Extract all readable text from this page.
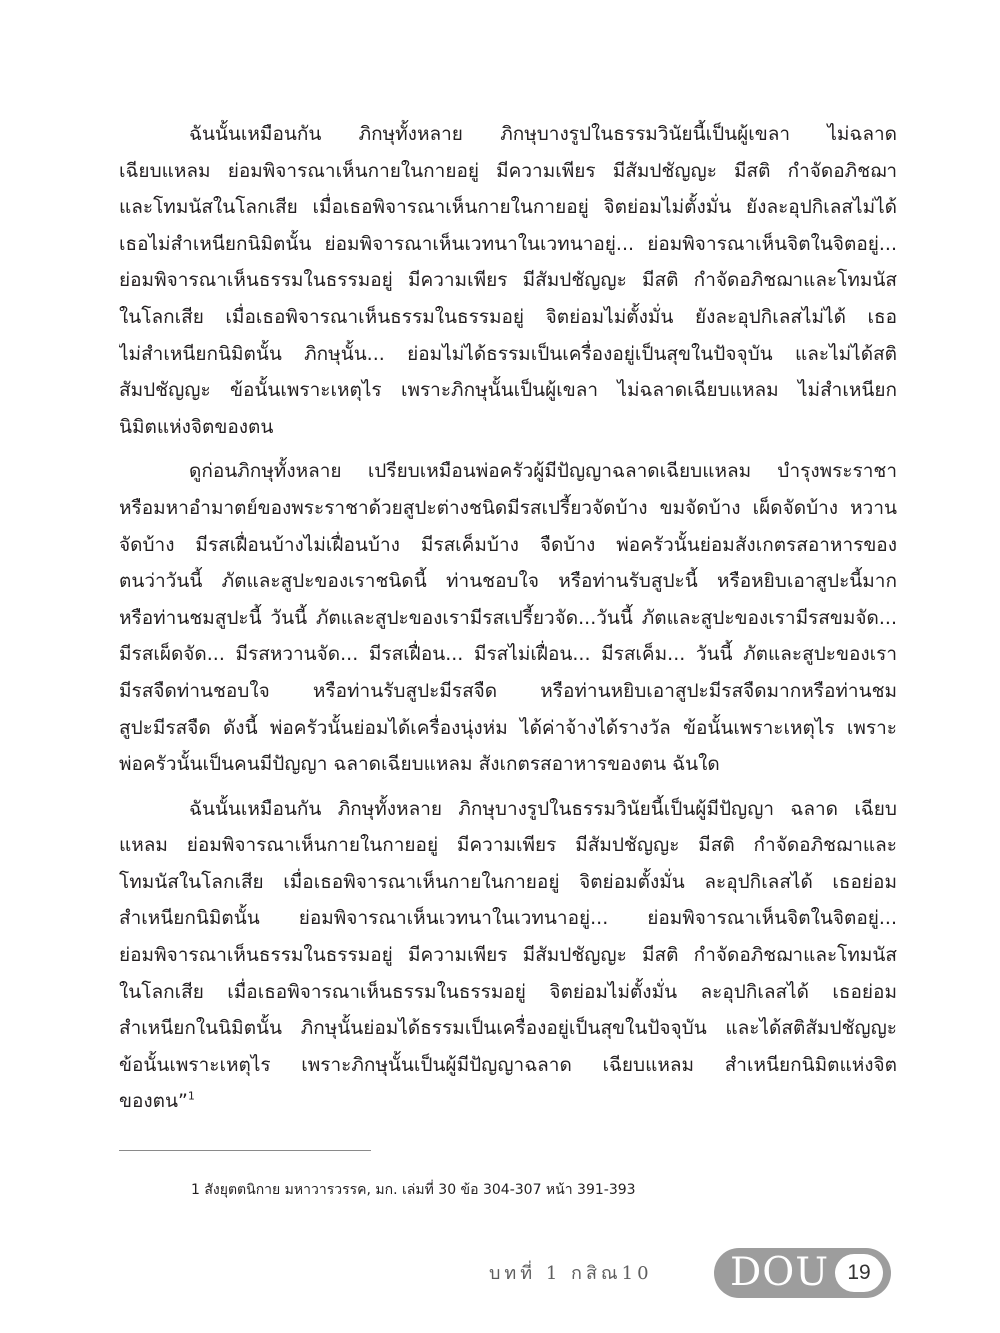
ฉันนั้นเหมือนกัน ภิกษุทั้งหลาย ภิกษุบางรูปในธรรมวินัยนี้เป็นผู้เขลา ไม่ฉลาด
เฉียบแหลม ย่อมพิจารณาเห็นกายในกายอยู่ มีความเพียร มีสัมปชัญญะ มีสติ กำจัดอภิชฌา
และโทมนัสในโลกเสีย เมื่อเธอพิจารณาเห็นกายในกายอยู่ จิตย่อมไม่ตั้งมั่น ยังละอุปกิเลสไม่ได้
เธอไม่สำเหนียกนิมิตนั้น ย่อมพิจารณาเห็นเวทนาในเวทนาอยู่... ย่อมพิจารณาเห็นจิตในจิตอยู่...
ย่อมพิจารณาเห็นธรรมในธรรมอยู่ มีความเพียร มีสัมปชัญญะ มีสติ กำจัดอภิชฌาและโทมนัส
ในโลกเสีย เมื่อเธอพิจารณาเห็นธรรมในธรรมอยู่ จิตย่อมไม่ตั้งมั่น ยังละอุปกิเลสไม่ได้ เธอ
ไม่สำเหนียกนิมิตนั้น ภิกษุนั้น... ย่อมไม่ได้ธรรมเป็นเครื่องอยู่เป็นสุขในปัจจุบัน และไม่ได้สติ
สัมปชัญญะ ข้อนั้นเพราะเหตุไร เพราะภิกษุนั้นเป็นผู้เขลา ไม่ฉลาดเฉียบแหลม ไม่สำเหนียก
นิมิตแห่งจิตของตน
ดูก่อนภิกษุทั้งหลาย เปรียบเหมือนพ่อครัวผู้มีปัญญาฉลาดเฉียบแหลม บำรุงพระราชา
หรือมหาอำมาตย์ของพระราชาด้วยสูปะต่างชนิดมีรสเปรี้ยวจัดบ้าง ขมจัดบ้าง เผ็ดจัดบ้าง หวาน
จัดบ้าง มีรสเฝื่อนบ้างไม่เฝื่อนบ้าง มีรสเค็มบ้าง จืดบ้าง พ่อครัวนั้นย่อมสังเกตรสอาหารของ
ตนว่าวันนี้ ภัตและสูปะของเราชนิดนี้ ท่านชอบใจ หรือท่านรับสูปะนี้ หรือหยิบเอาสูปะนี้มาก
หรือท่านชมสูปะนี้ วันนี้ ภัตและสูปะของเรามีรสเปรี้ยวจัด...วันนี้ ภัตและสูปะของเรามีรสขมจัด...
มีรสเผ็ดจัด... มีรสหวานจัด... มีรสเฝื่อน... มีรสไม่เฝื่อน... มีรสเค็ม... วันนี้ ภัตและสูปะของเรา
มีรสจืดท่านชอบใจ หรือท่านรับสูปะมีรสจืด หรือท่านหยิบเอาสูปะมีรสจืดมากหรือท่านชม
สูปะมีรสจืด ดังนี้ พ่อครัวนั้นย่อมได้เครื่องนุ่งห่ม ได้ค่าจ้างได้รางวัล ข้อนั้นเพราะเหตุไร เพราะ
พ่อครัวนั้นเป็นคนมีปัญญา ฉลาดเฉียบแหลม สังเกตรสอาหารของตน ฉันใด
ฉันนั้นเหมือนกัน ภิกษุทั้งหลาย ภิกษุบางรูปในธรรมวินัยนี้เป็นผู้มีปัญญา ฉลาด เฉียบ
แหลม ย่อมพิจารณาเห็นกายในกายอยู่ มีความเพียร มีสัมปชัญญะ มีสติ กำจัดอภิชฌาและ
โทมนัสในโลกเสีย เมื่อเธอพิจารณาเห็นกายในกายอยู่ จิตย่อมตั้งมั่น ละอุปกิเลสได้ เธอย่อม
สำเหนียกนิมิตนั้น ย่อมพิจารณาเห็นเวทนาในเวทนาอยู่... ย่อมพิจารณาเห็นจิตในจิตอยู่...
ย่อมพิจารณาเห็นธรรมในธรรมอยู่ มีความเพียร มีสัมปชัญญะ มีสติ กำจัดอภิชฌาและโทมนัส
ในโลกเสีย เมื่อเธอพิจารณาเห็นธรรมในธรรมอยู่ จิตย่อมไม่ตั้งมั่น ละอุปกิเลสได้ เธอย่อม
สำเหนียกในนิมิตนั้น ภิกษุนั้นย่อมได้ธรรมเป็นเครื่องอยู่เป็นสุขในปัจจุบัน และได้สติสัมปชัญญะ
ข้อนั้นเพราะเหตุไร เพราะภิกษุนั้นเป็นผู้มีปัญญาฉลาด เฉียบแหลม สำเหนียกนิมิตแห่งจิต
ของตน”$^1$
1 สังยุตตนิกาย มหาวารวรรค, มก. เล่มที่ 30 ข้อ 304-307 หน้า 391-393
บทที่ 1 กสิณ10 DOU 19
